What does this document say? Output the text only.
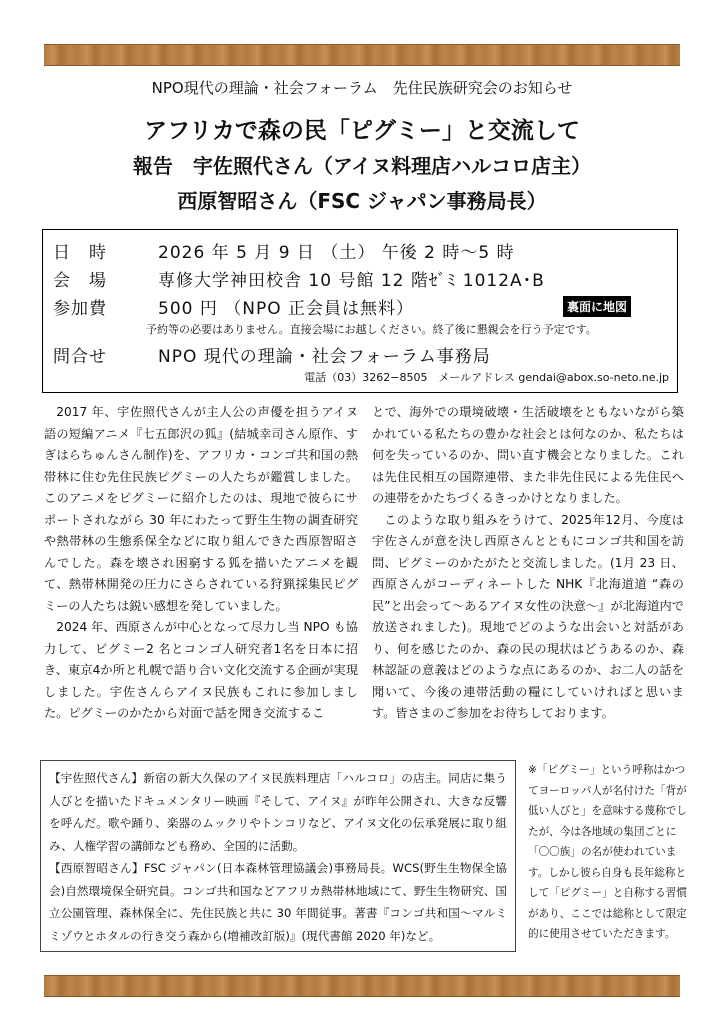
NPO現代の理論・社会フォーラム　先住民族研究会のお知らせ
アフリカで森の民「ピグミー」と交流して
報告　宇佐照代さん（アイヌ料理店ハルコロ店主）
西原智昭さん（FSC ジャパン事務局長）
日　時	2026 年 5 月 9 日 （土） 午後 2 時〜5 時
会　場	専修大学神田校舎 10 号館 12 階ｾﾞﾐ 1012A･B
参加費	500 円 （NPO 正会員は無料）	裏面に地図
予約等の必要はありません。直接会場にお越しください。終了後に懇親会を行う予定です。
問合せ	NPO 現代の理論・社会フォーラム事務局
電話（03）3262−8505　メールアドレス gendai@abox.so-neto.ne.jp

2017 年、宇佐照代さんが主人公の声優を担うアイヌ語の短編アニメ『七五郎沢の狐』(結城幸司さん原作、すぎはらちゅんさん制作)を、アフリカ・コンゴ共和国の熱帯林に住む先住民族ピグミーの人たちが鑑賞しました。このアニメをピグミーに紹介したのは、現地で彼らにサポートされながら 30 年にわたって野生生物の調査研究や熱帯林の生態系保全などに取り組んできた西原智昭さんでした。森を壊され困窮する狐を描いたアニメを観て、熱帯林開発の圧力にさらされている狩猟採集民ピグミーの人たちは鋭い感想を発していました。

2024 年、西原さんが中心となって尽力し当 NPO も協力して、ピグミー2 名とコンゴ人研究者1名を日本に招き、東京4か所と札幌で語り合い文化交流する企画が実現しました。宇佐さんらアイヌ民族もこれに参加しました。ピグミーのかたから対面で話を聞き交流するこ

とで、海外での環境破壊・生活破壊をともないながら築かれている私たちの豊かな社会とは何なのか、私たちは何を失っているのか、問い直す機会となりました。これは先住民相互の国際連帯、また非先住民による先住民への連帯をかたちづくるきっかけとなりました。

このような取り組みをうけて、2025年12月、今度は宇佐さんが意を決し西原さんとともにコンゴ共和国を訪問、ピグミーのかたがたと交流しました。(1月 23 日、西原さんがコーディネートした NHK『北海道道 “森の民”と出会って〜あるアイヌ女性の決意〜』が北海道内で放送されました)。現地でどのような出会いと対話があり、何を感じたのか、森の民の現状はどうあるのか、森林認証の意義はどのような点にあるのか、お二人の話を聞いて、今後の連帯活動の糧にしていければと思います。皆さまのご参加をお待ちしております。

【宇佐照代さん】新宿の新大久保のアイヌ民族料理店「ハルコロ」の店主。同店に集う人びとを描いたドキュメンタリー映画『そして、アイヌ』が昨年公開され、大きな反響を呼んだ。歌や踊り、楽器のムックリやトンコリなど、アイヌ文化の伝承発展に取り組み、人権学習の講師なども務め、全国的に活動。

【西原智昭さん】FSC ジャパン(日本森林管理協議会)事務局長。WCS(野生生物保全協会)自然環境保全研究員。コンゴ共和国などアフリカ熱帯林地域にて、野生生物研究、国立公園管理、森林保全に、先住民族と共に 30 年間従事。著書『コンゴ共和国〜マルミミゾウとホタルの行き交う森から(増補改訂版)』(現代書館 2020 年)など。

※「ピグミー」という呼称はかつてヨーロッパ人が名付けた「背が低い人びと」を意味する蔑称でしたが、今は各地域の集団ごとに「〇〇族」の名が使われています。しかし彼ら自身も長年総称として「ピグミー」と自称する習慣があり、ここでは総称として限定的に使用させていただきます。
